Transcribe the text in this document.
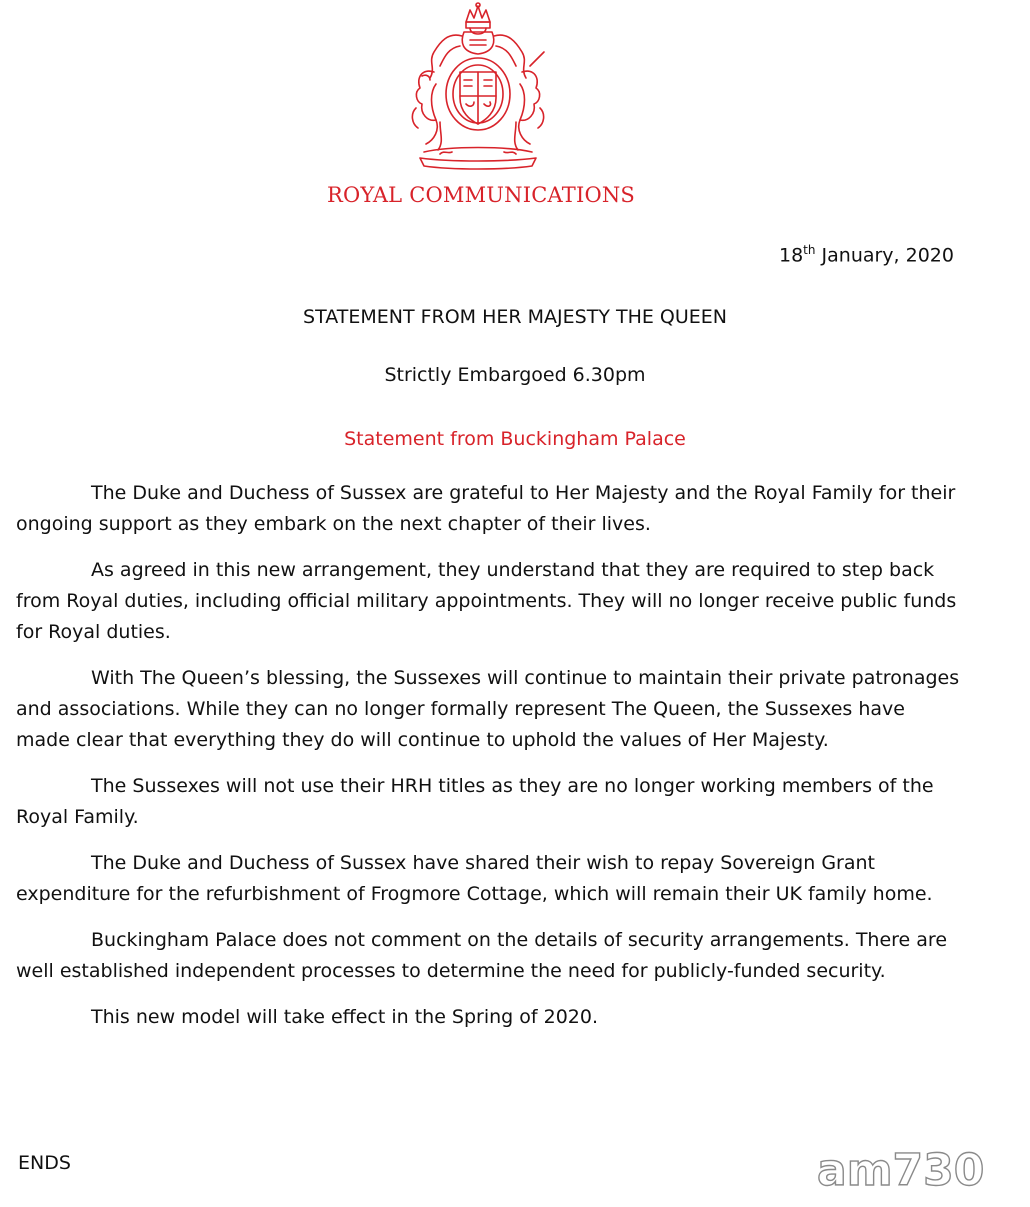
ROYAL COMMUNICATIONS
18th January, 2020
STATEMENT FROM HER MAJESTY THE QUEEN
Strictly Embargoed 6.30pm
Statement from Buckingham Palace

The Duke and Duchess of Sussex are grateful to Her Majesty and the Royal Family for their ongoing support as they embark on the next chapter of their lives.

As agreed in this new arrangement, they understand that they are required to step back from Royal duties, including official military appointments. They will no longer receive public funds for Royal duties.

With The Queen’s blessing, the Sussexes will continue to maintain their private patronages and associations. While they can no longer formally represent The Queen, the Sussexes have made clear that everything they do will continue to uphold the values of Her Majesty.

The Sussexes will not use their HRH titles as they are no longer working members of the Royal Family.

The Duke and Duchess of Sussex have shared their wish to repay Sovereign Grant expenditure for the refurbishment of Frogmore Cottage, which will remain their UK family home.

Buckingham Palace does not comment on the details of security arrangements. There are well established independent processes to determine the need for publicly-funded security.

This new model will take effect in the Spring of 2020.

ENDS	am730
